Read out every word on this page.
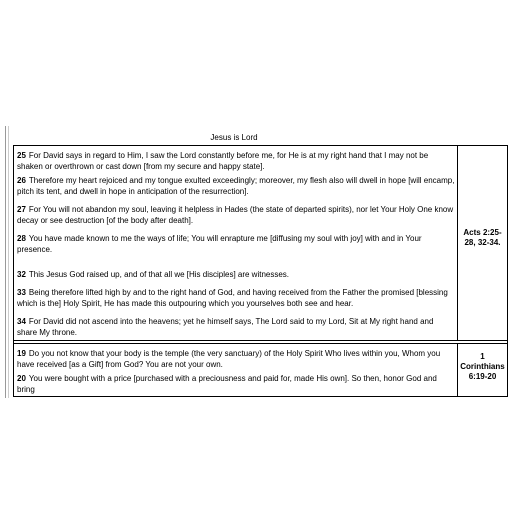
Jesus is Lord

25 For David says in regard to Him, I saw the Lord constantly before me, for He is at my right hand that I may not be shaken or overthrown or cast down [from my secure and happy state].

26 Therefore my heart rejoiced and my tongue exulted exceedingly; moreover, my flesh also will dwell in hope [will encamp, pitch its tent, and dwell in hope in anticipation of the resurrection].

27 For You will not abandon my soul, leaving it helpless in Hades (the state of departed spirits), nor let Your Holy One know decay or see destruction [of the body after death].

28 You have made known to me the ways of life; You will enrapture me [diffusing my soul with joy] with and in Your presence.

32 This Jesus God raised up, and of that all we [His disciples] are witnesses.

33 Being therefore lifted high by and to the right hand of God, and having received from the Father the promised [blessing which is the] Holy Spirit, He has made this outpouring which you yourselves both see and hear.

34 For David did not ascend into the heavens; yet he himself says, The Lord said to my Lord, Sit at My right hand and share My throne.

Acts 2:25-28, 32-34.

19 Do you not know that your body is the temple (the very sanctuary) of the Holy Spirit Who lives within you, Whom you have received [as a Gift] from God? You are not your own.

20 You were bought with a price [purchased with a preciousness and paid for, made His own]. So then, honor God and bring

1 Corinthians 6:19-20
